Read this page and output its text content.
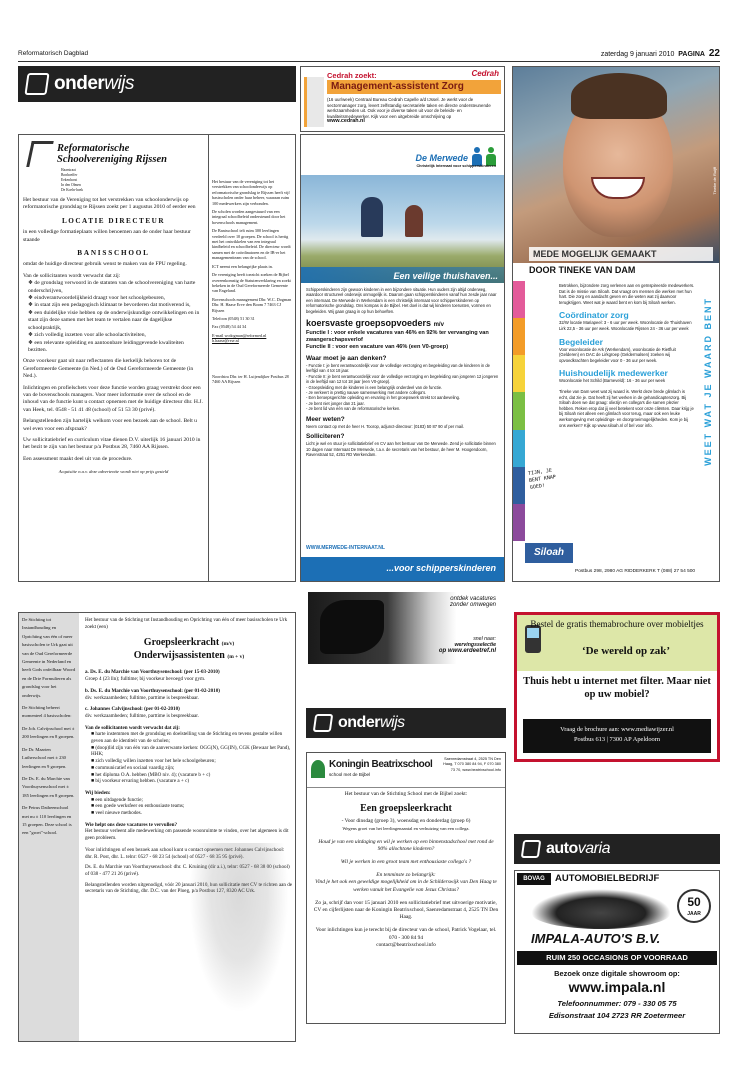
Reformatorisch Dagblad	zaterdag 9 januari 2010 PAGINA 22
onderwijs
Reformatorische Schoolvereniging Rijssen
Haarstraat
Bonhoeffer
Eekenhorst
In den Olmen
De Koeln-hoek

Het bestuur van de Vereniging tot het verstrekken van schoolonderwijs op reformatorische grondslag te Rijssen zoekt per 1 augustus 2010 of eerder een

LOCATIE DIRECTEUR

in een volledige formatieplaats willen benoemen aan de onder haar bestuur staande

BANISSCHOOL

omdat de huidige directeur gebruik wenst te maken van de FPU regeling.

Van de sollicitanten wordt verwacht dat zij:

❖ de grondslag verwoord in de statuten van de schoolvereniging van harte onderschrijven,
❖ eindverantwoordelijkheid draagt voor het schoolgebeuren,
❖ in staat zijn een pedagogisch klimaat te bevorderen dat motiverend is,
❖ een duidelijke visie hebben op de onderwijskundige ontwikkelingen en in staat zijn deze samen met het team te vertalen naar de dagelijkse schoolpraktijk,
❖ zich volledig inzetten voor alle schoolactiviteiten,
❖ een relevante opleiding en aantoonbare leidinggevende kwaliteiten bezitten.

Onze voorkeur gaat uit naar reflectanten die kerkelijk behoren tot de Gereformeerde Gemeente (in Ned.) of de Oud Gereformeerde Gemeente (in Ned.).

Inlichtingen en profielschets voor deze functie worden graag verstrekt door een van de bovenschools managers. Voor meer informatie over de school en de inhoud van de functie kunt u contact opnemen met de huidige directeur dhr. H.J. van Heek, tel. 0548 - 51 41 48 (school) of 51 53 30 (privé).

Belangstellenden zijn hartelijk welkom voor een bezoek aan de school. Belt u wel even voor een afspraak?

Uw sollicitatiebrief en curriculum vitae dienen D.V. uiterlijk 16 januari 2010 in het bezit te zijn van het bestuur p/a Postbus 28, 7460 AA Rijssen.

Een assessment maakt deel uit van de procedure.

Acquisitie n.a.v. deze advertentie wordt niet op prijs gesteld

Het bestuur van de vereniging tot het verstrekken van schoolonderwijs op reformatorische grondslag te Rijssen heeft vijf basisscholen onder haar beheer, waaraan ruim 100 medewerkers zijn verbonden.

De scholen worden aangestuurd van een integraal schoolbeleid ondersteund door het bovenschools management.

De Banisschool telt ruim 300 leerlingen verdeeld over 10 groepen. De school is hertig met het ontwikkelen van een integraal kindbeleid en schoolbeleid. De directeur wordt samen met de coördinatoren en de IB-er het managementteam van de school.

ICT neemt een belangrijke plaats in.

De vereniging heeft toezicht zoeken de Bijbel overeenkomstig de Statutenverklaring en zoekt bekeken in de Oud Gereformeerde Gemeente van Engeland.

Bovenschools management Dhr. W.C. Dogman Dhr. H. Haase Erve den Boom 7 7463 CJ Rijssen

Telefoon (0548) 51 30 31

Fax (0548) 54 44 34

E-mail wcdogman@reformed.nl h.haase@rsvr.nl

Noordstra Dhr. ter H. Luijendijker Postbus 28 7460 AA Rijssen

Cedrah zoekt:	Cedrah
Management-assistent Zorg
(16 uur/week) Centraal Bureau Cedrah Capelle a/d IJssel. Je werkt voor de sectormanager zorg, levert zelfstandig secretariële taken en directe ondersteunende werkzaamheden uit. Ook voor je diverse taken uit voor de beleids- en kwaliteitsmedewerker. Kijk voor een uitgebreide omschrijving op
www.cedrah.nl
De Merwede
Christelijk Internaat voor schipperskinderen
Een veilige thuishaven...

Schipperskinderen zijn gewoon kinderen in een bijzondere situatie. Hun ouders zijn altijd onderweg, waardoor structureel onderwijs onmogelijk is. Daarom gaan schipperskinderen vanaf hun zesde jaar naar een internaat. De Merwede in Werkendam is een christelijk internaat voor schipperskinderen op reformatorische grondslag. Ons kompas is de Bijbel. Het doel is dat wij kinderen toerusten, vormen en begeleiden. Wij gaan graag in op hun behoeften.

koersvaste groepsopvoeders m/v

Functie I : voor enkele vacatures van 46% en 92% ter vervanging van zwangerschapsverlof

Functie II : voor een vacature van 46% (een V0-groep)

Waar moet je aan denken?

- Functie I: je bent verantwoordelijk voor de volledige verzorging en begeleiding van de kinderen in de leeftijd van 4 tot 18 jaar.
- Functie II: je bent verantwoordelijk voor de volledige verzorging en begeleiding van jongeren 12 jongeren in de leeftijd van 12 tot 18 jaar (een V0-groep).
- Groepsleiding met de kinderen is een belangrijk onderdeel van de functie.
- Je verkeert in prettig nauwe samenwerking met andere collega's.
- Een beroepsgerichte opleiding en ervaring in het groepswerk strekt tot aanbeveling.
- Je bent niet jonger dan 21 jaar.
- Je bent lid van één van de reformatorische kerken.

Meer weten?

Neem contact op met de heer H. Toorop, adjunct-directeur: (0183) 50 87 90 of per mail.

Solliciteren?

Licht je wel en stuur je sollicitatiebrief en CV aan het bestuur van De Merwede. Zend je sollicitatie binnen 10 dagen naar Internaat De Merwede, t.a.v. de secretaris van het bestuur, de heer M. Hoogendoorn, Ravenstraat 52, 4251 RD Werkendam.

WWW.MERWEDE-INTERNAAT.NL
...voor schipperskinderen
Tineke de Ruijff
MEDE MOGELIJK GEMAAKT
DOOR TINEKE VAN DAM

Betrokken, bijzondere zorg verlenen aan en geïnspireerde medewerkers. Dat is de missie van Siloah. Dat vraagt om mensen die werken met hun hart. Die zorg en aandacht geven en die weten wat zij daarvoor terugkrijgen. Weet wat je waard bent en kom bij Siloah werken.

Coördinator zorg

32/W locatie Mariapeel: 3 - 6 uur per week. Woonlocatie de Thuishaven Lirk 22,5 - 36 uur per week. Woonlocatie Rijssen 24 - 36 uur per week

Begeleider

Voor woonlocatie de Ark (Werkendam), woonlocatie de Rietfluit (Gelderen) en DAC de Lirkgroep (Geldermalsen) zoeken wij opvoedkrachten begeleider voor 0 - 36 uur per week.

Huishoudelijk medewerker

Woonlocatie het Schild (Barneveld): 16 - 36 uur per week

Tineke van Dam weet wat zij waard is. Werkt deze brede glimlach is echt, dat zie je. Dat heeft zij het werken in de gehandicaptenzorg. Bij Siloah doen we dat graag: oliezijn en collega's die samen plezier hebben. Reken erop dat jij veel betekent voor onze cliënten. Daar krijg je bij Siloah niet alleen een glimlach voor terug, maar ook een leuke werkomgeving met opleidings- en doorgroeimogelijkheden. Kom je bij ons werken? Kijk op www.siloah.nl of bel voor info.	WEET WAT JE WAARD BENT
TIJN, JE BENT KNAP GOED!
Siloah
Postbus 298, 2980 AG RIDDERKERK T (088) 27 54 500
ontdek vacatures
zonder omwegen
snel naar:
wervingsselectie
op www.erdeetref.nl
Bestel de gratis themabrochure over mobieltjes
‘De wereld op zak’
Thuis hebt u internet met filter. Maar niet op uw mobiel?
Vraag de brochure aan: www.mediawijzer.nl
Postbus 613 | 7300 AP Apeldoorn

De Stichting tot Instandhouding en Oprichting van één of meer basisscholen te Urk gaat uit van de Oud Gereformeerde Gemeente in Nederland en heeft Gods onfeilbaar Woord en de Drie Formulieren als grondslag voor het onderwijs.

De Stichting beheert momenteel 4 basisscholen:

De Joh. Calvijnschool met ± 200 leerlingen en 8 groepen.

De Dr. Maarten Lutherschool met ± 230 leerlingen en 9 groepen.

De Ds. E. du Marchie van Voorthuysenschool met ± 185 leerlingen en 8 groepen.

De Petrus Datheenschool met nu ± 110 leerlingen en 15 groepen. Deze school is een "groei"-school.

Het bestuur van de Stichting tot Instandhouding en Oprichting van één of meer basisscholen te Urk zoekt (een)

Groepsleerkracht (m/v)

Onderwijsassistenten (m + v)

a. Ds. E. du Marchie van Voorthuysenschool: (per 15-03-2010)

Groep 4 (23 lln); fulltime; bij voorkeur bevoegd voor gym.

b. Ds. E. du Marchie van Voorthuysenschool: (per 01-02-2010)

div. werkzaamheden; fulltime, parttime is bespreekbaar.

c. Johannes Calvijnschool: (per 01-02-2010)

div. werkzaamheden; fulltime, parttime is bespreekbaar.

Van de sollicitanten wordt verwacht dat zij:

■ harte instemmen met de grondslag en doelstelling van de Stichting en tevens gestalte willen geven aan de identiteit van de scholen;
■ (doop)lid zijn van één van de aanverwante kerken: OGG(N), GG(IN), CGK (Bewaar het Pand), HHK;
■ zich volledig willen inzetten voor het hele schoolgebeuren;
■ communicatief en sociaal vaardig zijn;
■ het diploma O.A. hebben (MBO niv. 4); (vacature b + c)
■ bij voorkeur ervaring hebben. (vacature a + c)

Wij bieden:

■ een uitdagende functie;
■ een goede werksfeer en enthousiaste teams;
■ veel nieuwe methodes.

Wie helpt ons deze vacatures te vervullen?

Het bestuur verleent alle medewerking om passende woonruimte te vinden, over het algemeen is dit geen probleem.

Voor inlichtingen of een bezoek aan school kunt u contact opnemen met: Johannes Calvijnschool: dhr. R. Post, dhr. L. telnr: 0527 - 68 23 54 (school) of 0527 - 68 35 95 (privé).

Ds. E. du Marchie van Voorthuysenschool: dhr. C. Kruining (dir a.i.), telnr: 0527 - 68 38 00 (school) of 038 - 477 21 26 (privé).

Belangstellenden worden uitgenodigd, vóór 20 januari 2010, hun sollicitatie met CV te richten aan de secretaris van de Stichting, dhr. D.C. van der Ploeg, p/a Postbus 127, 8320 AC Urk.

onderwijs
Koningin Beatrixschool
school met de Bijbel
Saenredamstraat 4, 2525 TN Den Haag, T 070 380 84 94, F 070 380 73 70, www.beatrixschool.info

Het bestuur van de Stichting School met de Bijbel zoekt:

Een groepsleerkracht

- Voor dinsdag (groep 3), woensdag en donderdag (groep 6)

Wegens groei van het leerlingenaantal en verhuizing van een collega.

Houd je van een uitdaging en wil je werken op een binnenstadschool met rond de 90% allochtone kinderen?

Wil je werken in een groot team met enthousiaste collega's ?

En tenminste zo belangrijk:

Vind je het ook een geweldige mogelijkheid om in de Schilderswijk van Den Haag te werken vanuit het Evangelie van Jezus Christus?

Zo ja, schrijf dan voor 15 januari 2010 een sollicitatiebrief met uitvoerige motivatie, CV en cijferlijsten naar de Koningin Beatrixschool, Saenredamstraat 4, 2525 TN Den Haag.

Voor inlichtingen kun je terecht bij de directeur van de school, Patrick Vogelaar, tel. 070 - 300 84 94

contact@beatrixschool.info

autovaria
BOVAG	AUTOMOBIELBEDRIJF
IMPALA-AUTO'S B.V.
50
JAAR
RUIM 250 OCCASIONS OP VOORRAAD
Bezoek onze digitale showroom op:
www.impala.nl
Telefoonnummer: 079 - 330 05 75
Edisonstraat 104 2723 RR Zoetermeer
